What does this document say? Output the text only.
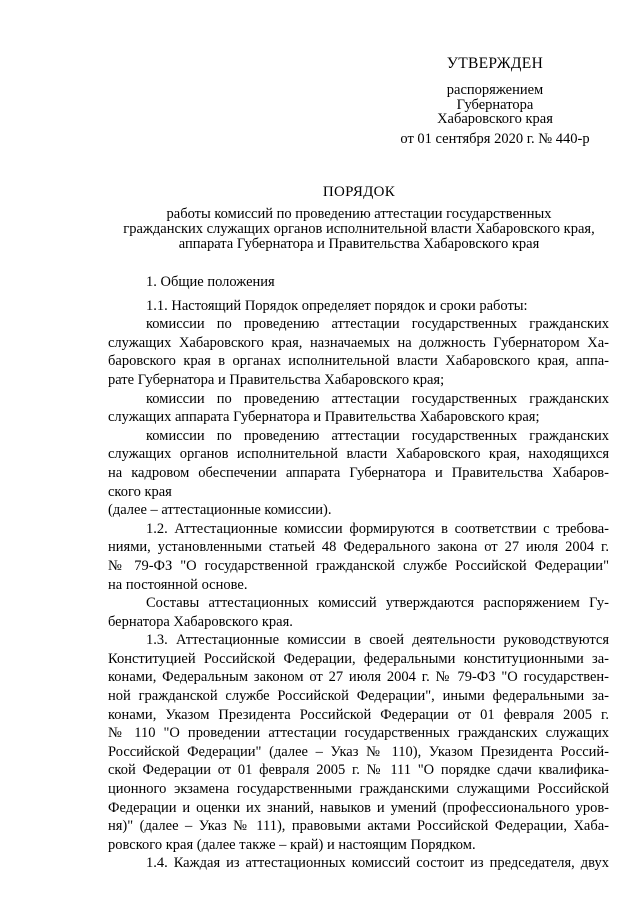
УТВЕРЖДЕН
распоряжением
Губернатора
Хабаровского края
от 01 сентября 2020 г. № 440-р
ПОРЯДОК
работы комиссий по проведению аттестации государственных
гражданских служащих органов исполнительной власти Хабаровского края,
аппарата Губернатора и Правительства Хабаровского края

1. Общие положения

1.1. Настоящий Порядок определяет порядок и сроки работы:

комиссии по проведению аттестации государственных гражданских

служащих Хабаровского края, назначаемых на должность Губернатором Ха-

баровского края в органах исполнительной власти Хабаровского края, аппа-

рате Губернатора и Правительства Хабаровского края;

комиссии по проведению аттестации государственных гражданских

служащих аппарата Губернатора и Правительства Хабаровского края;

комиссии по проведению аттестации государственных гражданских

служащих органов исполнительной власти Хабаровского края, находящихся

на кадровом обеспечении аппарата Губернатора и Правительства Хабаров-

ского края

(далее – аттестационные комиссии).

1.2. Аттестационные комиссии формируются в соответствии с требова-

ниями, установленными статьей 48 Федерального закона от 27 июля 2004 г.

№ 79-ФЗ "О государственной гражданской службе Российской Федерации"

на постоянной основе.

Составы аттестационных комиссий утверждаются распоряжением Гу-

бернатора Хабаровского края.

1.3. Аттестационные комиссии в своей деятельности руководствуются

Конституцией Российской Федерации, федеральными конституционными за-

конами, Федеральным законом от 27 июля 2004 г. № 79-ФЗ "О государствен-

ной гражданской службе Российской Федерации", иными федеральными за-

конами, Указом Президента Российской Федерации от 01 февраля 2005 г.

№ 110 "О проведении аттестации государственных гражданских служащих

Российской Федерации" (далее – Указ № 110), Указом Президента Россий-

ской Федерации от 01 февраля 2005 г. № 111 "О порядке сдачи квалифика-

ционного экзамена государственными гражданскими служащими Российской

Федерации и оценки их знаний, навыков и умений (профессионального уров-

ня)" (далее – Указ № 111), правовыми актами Российской Федерации, Хаба-

ровского края (далее также – край) и настоящим Порядком.

1.4. Каждая из аттестационных комиссий состоит из председателя, двух
